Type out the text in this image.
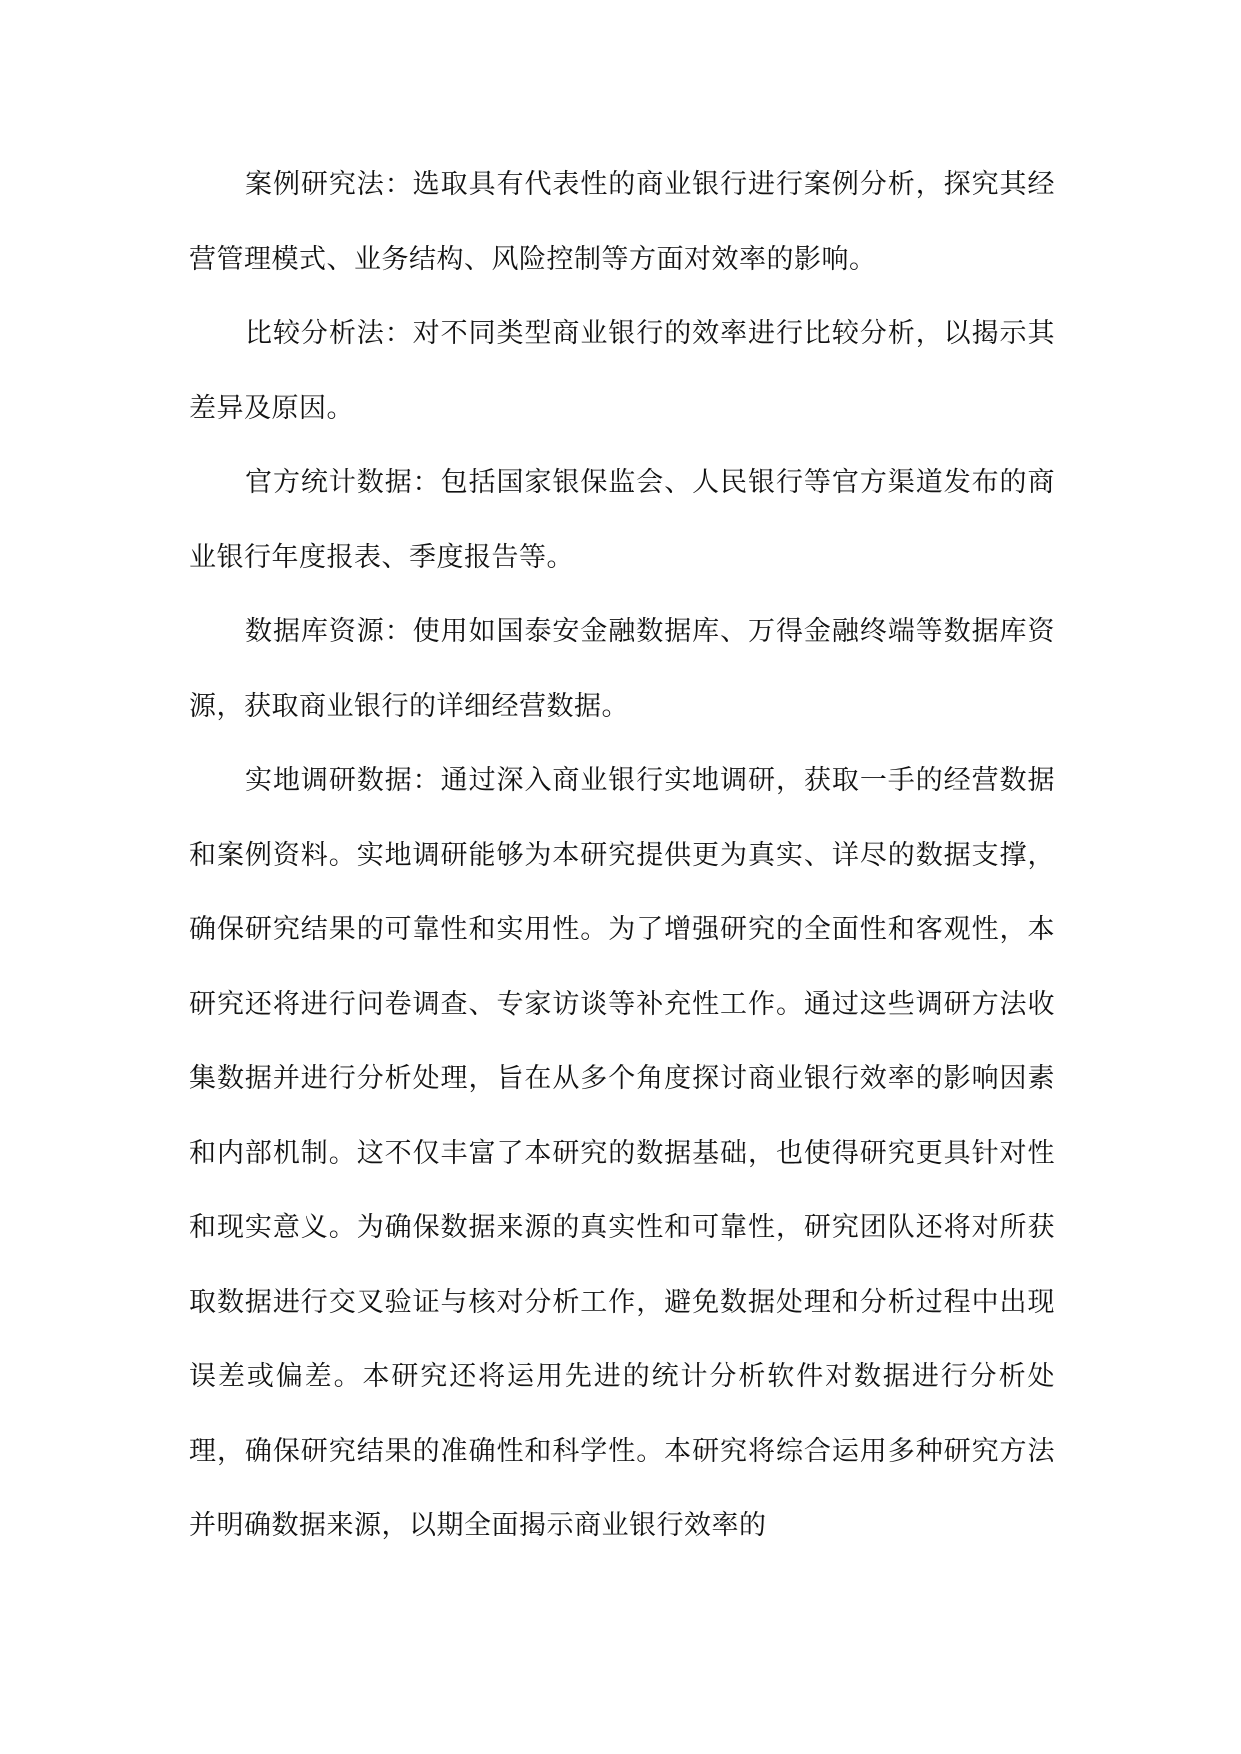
案例研究法：选取具有代表性的商业银行进行案例分析，探究其经营管理模式、业务结构、风险控制等方面对效率的影响。

比较分析法：对不同类型商业银行的效率进行比较分析，以揭示其差异及原因。

官方统计数据：包括国家银保监会、人民银行等官方渠道发布的商业银行年度报表、季度报告等。

数据库资源：使用如国泰安金融数据库、万得金融终端等数据库资源，获取商业银行的详细经营数据。

实地调研数据：通过深入商业银行实地调研，获取一手的经营数据和案例资料。实地调研能够为本研究提供更为真实、详尽的数据支撑，确保研究结果的可靠性和实用性。为了增强研究的全面性和客观性，本研究还将进行问卷调查、专家访谈等补充性工作。通过这些调研方法收集数据并进行分析处理，旨在从多个角度探讨商业银行效率的影响因素和内部机制。这不仅丰富了本研究的数据基础，也使得研究更具针对性和现实意义。为确保数据来源的真实性和可靠性，研究团队还将对所获取数据进行交叉验证与核对分析工作，避免数据处理和分析过程中出现误差或偏差。本研究还将运用先进的统计分析软件对数据进行分析处理，确保研究结果的准确性和科学性。本研究将综合运用多种研究方法并明确数据来源，以期全面揭示商业银行效率的
